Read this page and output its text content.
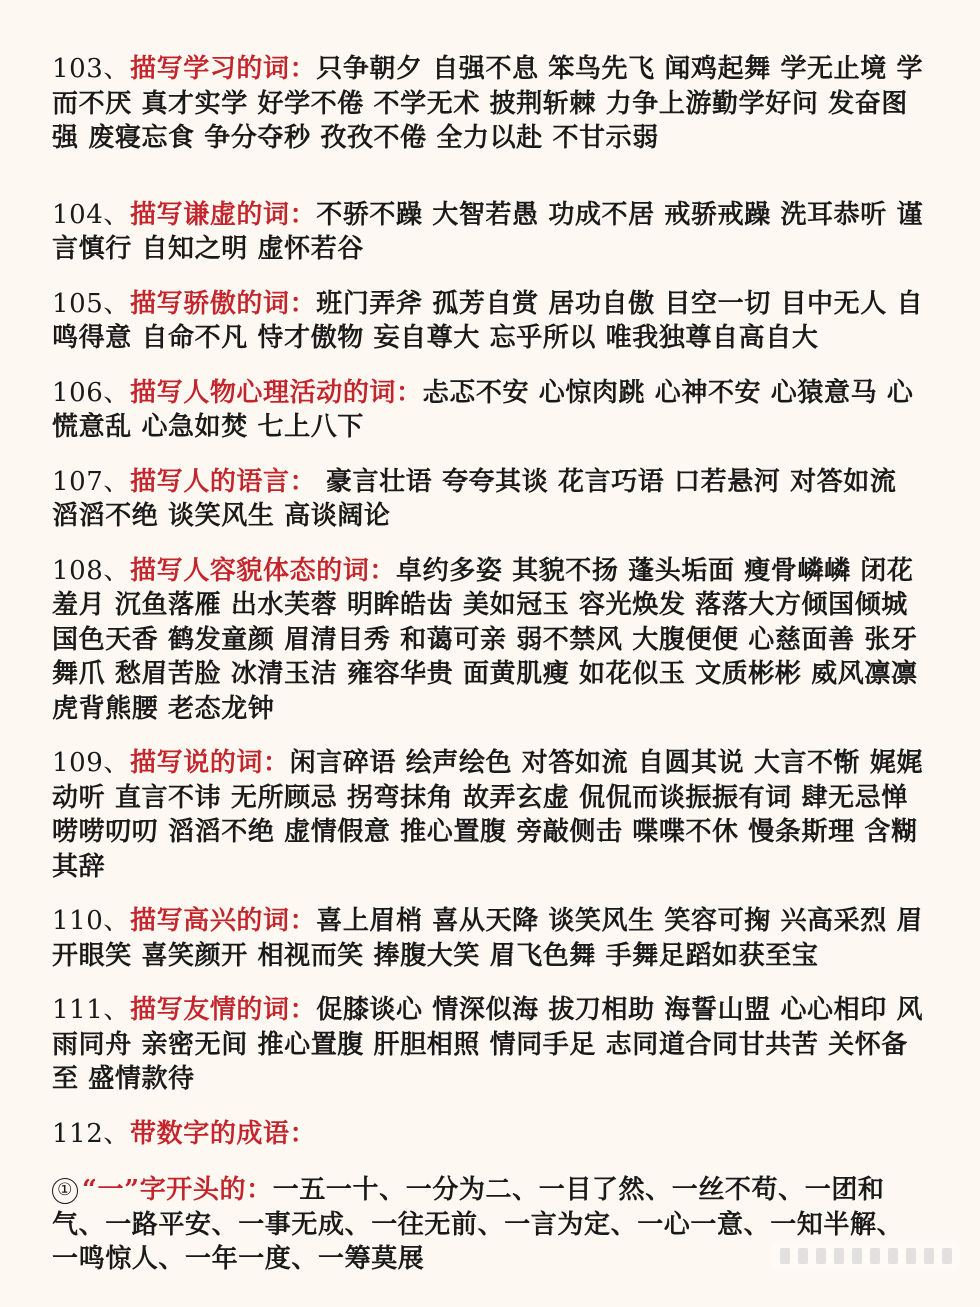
103、描写学习的词：只争朝夕 自强不息 笨鸟先飞 闻鸡起舞 学无止境 学而不厌 真才实学 好学不倦 不学无术 披荆斩棘 力争上游勤学好问 发奋图强 废寝忘食 争分夺秒 孜孜不倦 全力以赴 不甘示弱
104、描写谦虚的词：不骄不躁 大智若愚 功成不居 戒骄戒躁 洗耳恭听 谨言慎行 自知之明 虚怀若谷
105、描写骄傲的词：班门弄斧 孤芳自赏 居功自傲 目空一切 目中无人 自鸣得意 自命不凡 恃才傲物 妄自尊大 忘乎所以 唯我独尊自高自大
106、描写人物心理活动的词：忐忑不安 心惊肉跳 心神不安 心猿意马 心慌意乱 心急如焚 七上八下
107、描写人的语言： 豪言壮语 夸夸其谈 花言巧语 口若悬河 对答如流 滔滔不绝 谈笑风生 高谈阔论
108、描写人容貌体态的词：卓约多姿 其貌不扬 蓬头垢面 瘦骨嶙嶙 闭花羞月 沉鱼落雁 出水芙蓉 明眸皓齿 美如冠玉 容光焕发 落落大方倾国倾城 国色天香 鹤发童颜 眉清目秀 和蔼可亲 弱不禁风 大腹便便 心慈面善 张牙舞爪 愁眉苦脸 冰清玉洁 雍容华贵 面黄肌瘦 如花似玉 文质彬彬 威风凛凛虎背熊腰 老态龙钟
109、描写说的词：闲言碎语 绘声绘色 对答如流 自圆其说 大言不惭 娓娓动听 直言不讳 无所顾忌 拐弯抹角 故弄玄虚 侃侃而谈振振有词 肆无忌惮 唠唠叨叨 滔滔不绝 虚情假意 推心置腹 旁敲侧击 喋喋不休 慢条斯理 含糊其辞
110、描写高兴的词：喜上眉梢 喜从天降 谈笑风生 笑容可掬 兴高采烈 眉开眼笑 喜笑颜开 相视而笑 捧腹大笑 眉飞色舞 手舞足蹈如获至宝
111、描写友情的词：促膝谈心 情深似海 拔刀相助 海誓山盟 心心相印 风雨同舟 亲密无间 推心置腹 肝胆相照 情同手足 志同道合同甘共苦 关怀备至 盛情款待
112、带数字的成语：
① “一”字开头的：一五一十、一分为二、一目了然、一丝不苟、一团和气、一路平安、一事无成、一往无前、一言为定、一心一意、一知半解、一鸣惊人、一年一度、一筹莫展
